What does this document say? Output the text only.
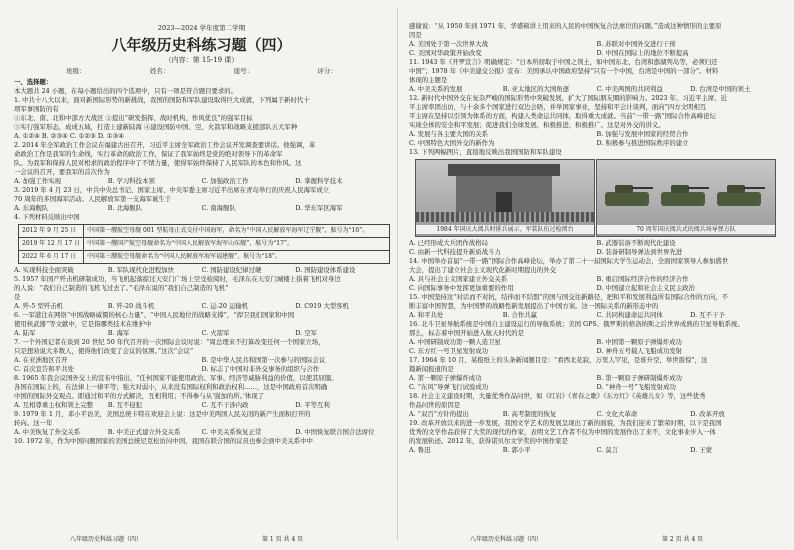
2023—2024 学年度第二学期
八年级历史科练习题（四）
（内容：第 15-19 课）
班级：	姓名：	座号：	评分：
一、选择题：
本大题共 24 小题，在每小题给出的四个选项中，只有一项是符合题目要求的。
1. 中共十八大以来，面对新国际形势的新挑战，我国的国防和军队建设取得巨大成就，下列属于新时代十
项军事国防的有
①东北、南、北和中部方大战区 ②提出“研发指挥、战时机构、作风优良”的强军目标
③实行强军形态，成成五域，打造上建新陆海 ④建设国防中国、空、火箭军和战略支援部队五大军种
A. ①②④ B. ②③④ C. ①②③ D. ①③④
2. 2014 年全军政治工作会议在福建古田召开，习近平主席全军政治工作会议开发调查要讲话。他强调，革
命政治工作是我军的生命线，实行革命的政治工作，保证了我军始终是党的绝对领导下的革命军
队。为我军和保持人民对相求的政治程序中了不情力量，使得军始终保持了人民军队的本色和作风。这
一会议的召开，要我军的首次作为
A. 加强工作实现	B. 学习科技本领	C. 加强政治工作	D. 掌握科学技术
3. 2019 年 4 月 23 日，中共中央总书记、国家主席、中央军委主席习近平出席在青岛举行的庆祝人民海军成立
70 周年的多国海军活动。人民解放军第一支海军诞生于
A. 东海舰队	B. 北海舰队	C. 南海舰队	D. 华东军区海军
4. 下列材料反映出中国
2012 年 9 月 25 日	中国第一艘航空母舰 001 型航母正式交付中国海军，命名为“中国人民解放军海军辽宁舰”，舷号为“16”。
2019 年 12 月 17 日	中国第一艘国产航空母舰命名为“中国人民解放军海军山东舰”，舷号为“17”。
2022 年 6 月 17 日	中国第三艘航空母舰命名为“中国人民解放军海军福建舰”，舷号为“18”。
A. 实现科技全面突破	B. 军队现代化进程加快	C. 国防建设纪律过硬	D. 国防建设体系建设
5. 1957 年国产歼击机研制成功，当飞机起落掠过天安门广场上空受检阅时，毛泽东在天安门城楼上指着飞机对身边
的人说：“我们自己制造的飞机飞过去了。”毛泽东说的“我们自己制造的飞机”
是
A. 歼-5 型歼击机	B. 歼-20 战斗机	C. 运-20 运输机	D. C919 大型客机
6. 一军港注在网络“中国战略威慑的核心力量”、“中国人民地位的战略支撑”，“捍卫我们国家和中国
使用核武器”等文献中，它是指哪类技术在维护中
A. 陆军	B. 海军	C. 火箭军	D. 空军
7. 一个外国记者在谈到 20 世纪 50 年代召开的一次国际会议时说：“周总理来不打算改变任何一个国家立场，
只是想劝说大多数人，使得他们改变了会议的氛围。”这次“会议”
A. 在亚洲地区召开	B. 是中华人民共和国第一次参与的国际会议
C. 首次宣告和平共处	D. 标志了中国对非外交事务的组织与合作
8. 1965 年我会议国外交上的宣布中指出，“任何国家不能使用政治、军事、经济等威胁利益的价值，以使其屈服。
各国在国际上的，在法律上一律平等；强大对弱小，从来没有国际权利和政治权利……，这是中国政府首次明确
中国的国际外交观点。即通过和平的方式解决，互相利用；不得参与从‘强加的所。’体现了
A. 互相尊重主权和领土完整	B. 互不侵犯	C. 互不干涉内政	D. 平等互利
9. 1979 年 1 月，邓小平访美，美国总统卡特在欢迎会上说：这是中美两国人民关闭的新产生面积打开的
转向。这一年
A. 中美恢复了外交关系	B. 中美正式建立外交关系	C. 中美关系恢复正常	D. 中国恢复联合国合法席位
10. 1972 年，作为中国问题国家的美国总统尼克松访问中国，我国在联合国的议员也参会到中美关系中中
感谢说：“从 1950 年到 1971 年，华盛顿讲上用来的人民的中国恢复合法席位的问题。”造成这种情形的主要原
因是
A. 美国处于第一次世界大战	B. 苏联对中国外交进行干预
C. 美国对华政策开始改变	D. 中国在国际上的地位不断提高
11. 1943 年《开罗宣言》明确规定：“日本所窃取于中国之领土，如中国东北、台湾和澎湖列岛等，必须归还
中国”；1978 年《中美建交公报》宣布：美国承认中国政府坚持“只有一个中国，台湾是中国的一部分”。材料
体现的主题是
A. 中美关系的发展	B. 亚太地区的大国角逐	C. 中美两国的共同利益	D. 台湾是中国的领土
12. 新时代中国外交在复杂严峻的国际形势中突破发展，扩大了国际朋友圈的影响力。2023 年，习近平主席，近
平主席率团出访，与十余多个国家进行双边会晤，并举国家事业，坚持和平会计谈判，面向”四方文明相互
平主席在坚持以引领为体系的方面，构建人类命运共同体，取得重大成就。当前“一带一路”国际合作高峰论坛
实现全体的安全和平发展；促进我们全球发展，积极推进，积极推广。这是对外交的讲义。
A. 发展与各主要大国的关系	B. 加强与发展中国家的经贸合作
C. 中国特色大国外交的新作为	D. 积极参与推进国际秩序的建立
13. 下列两幅图片，直接地反映出我国国防和军队建设
1984 年国庆大阅兵时排兵展示、军装队伍过检阅台	70 周年国庆阅兵式的阅兵场导弹方队
A. 已经形成大兵团作战格局	B. 武器装备不断现代化建设
C. 由新一代科技提升新质战斗力	D. 装备研制导弹达到世界先进
14. 中国举办首届“一带一路”国际合作高峰论坛，举办了第二十一届国际大学生运动会，全面国家领导人参加盛世
大会，提出了建立社会主义现代化新时期提出的外交
A. 具与社会主义国家建立外交关系	B. 重启国际经济合作的经济合作
C. 向国际事务中发挥更加重要的作用	D. 中国建立起和社会主义民主政治
15. 中国坚持这“对话而不对抗，结伴而不结盟”的国与国交往新路径，把和平和发展利益所有国际合作的方向，不
断丰富中国智慧，为中国梦的战略性新发展提出了中国方案。这一国际关系的新形态中的
A. 和平共处	B. 合作共赢	C. 共同构建命运共同体	D. 互不干予
16. 北斗卫星导航系统是中国自主建设运行的导航系统；美国 GPS、俄罗斯的格洛纳斯之后世界成熟的卫星导航系统。
那么，标志着中国开始进入航天时代的是
A. 中国研制成功第一颗人造卫星	B. 中国第一颗原子弹爆炸成功
C. 东方红一号卫星发射成功	D. 神舟五号载人飞船成功发射
17. 1964 年 10 月，某报纸上的头条新闻题目是：“看西北花寂，万里人罕见，是谁升空，举世震惊”，这
篇新闻报道的是
A. 第一颗原子弹爆炸成功	B. 第一颗原子弹研制爆炸成功
C. “东风”导弹飞行试验成功	D. “神舟一号”飞船发射成功
18. 社会主义建设时期，大量优秀作品问世，如《红岩》《青春之歌》《东方红》《英雄儿女》等，这些优秀
作品问世的原因是
A. “双百”方针的提出	B. 高考制度的恢复	C. 文化大革命	D. 改革开放
19. 改革开放以来的进一步发展，我国文学艺术的发展呈现出了新的面貌，为我们迎来了繁荣时期，以下是我国
优秀的文学作品获得了大奖的现代的作家，表明文艺工作者不仅为中国的发展作出了来不，文化事业步入一体
的发展轨迹。2012 年，获得诺贝尔文学奖的中国作家是
A. 鲁迅	B. 郭小平	C. 莫言	D. 王蒙
八年级历史科练习题（四）	第 1 页 共 4 页	八年级历史科练习题（四）	第 2 页 共 4 页
